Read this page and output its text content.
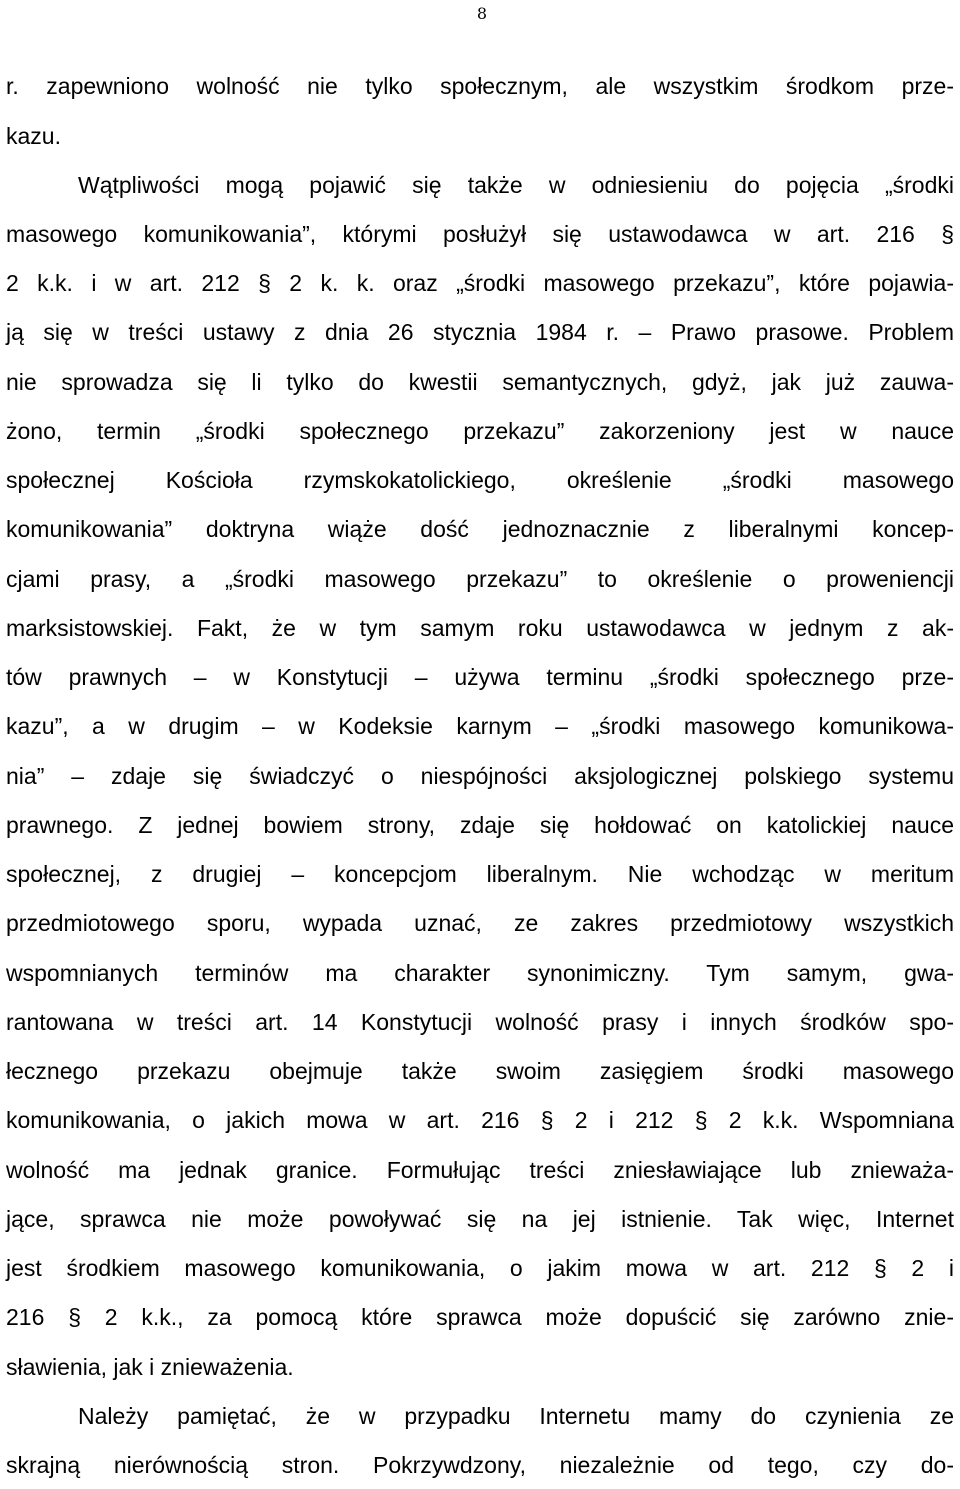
8
r. zapewniono wolność nie tylko społecznym, ale wszystkim środkom prze-
kazu.
Wątpliwości mogą pojawić się także w odniesieniu do pojęcia „środki
masowego komunikowania”, którymi posłużył się ustawodawca w art. 216 §
2 k.k. i w art. 212 § 2 k. k. oraz „środki masowego przekazu”, które pojawia-
ją się w treści ustawy z dnia 26 stycznia 1984 r. – Prawo prasowe. Problem
nie sprowadza się li tylko do kwestii semantycznych, gdyż, jak już zauwa-
żono, termin „środki społecznego przekazu” zakorzeniony jest w nauce
społecznej Kościoła rzymskokatolickiego, określenie „środki masowego
komunikowania” doktryna wiąże dość jednoznacznie z liberalnymi koncep-
cjami prasy, a „środki masowego przekazu” to określenie o proweniencji
marksistowskiej. Fakt, że w tym samym roku ustawodawca w jednym z ak-
tów prawnych – w Konstytucji – używa terminu „środki społecznego prze-
kazu”, a w drugim – w Kodeksie karnym – „środki masowego komunikowa-
nia” – zdaje się świadczyć o niespójności aksjologicznej polskiego systemu
prawnego. Z jednej bowiem strony, zdaje się hołdować on katolickiej nauce
społecznej, z drugiej – koncepcjom liberalnym. Nie wchodząc w meritum
przedmiotowego sporu, wypada uznać, ze zakres przedmiotowy wszystkich
wspomnianych terminów ma charakter synonimiczny. Tym samym, gwa-
rantowana w treści art. 14 Konstytucji wolność prasy i innych środków spo-
łecznego przekazu obejmuje także swoim zasięgiem środki masowego
komunikowania, o jakich mowa w art. 216 § 2 i 212 § 2 k.k. Wspomniana
wolność ma jednak granice. Formułując treści zniesławiające lub znieważa-
jące, sprawca nie może powoływać się na jej istnienie. Tak więc, Internet
jest środkiem masowego komunikowania, o jakim mowa w art. 212 § 2 i
216 § 2 k.k., za pomocą które sprawca może dopuścić się zarówno znie-
sławienia, jak i znieważenia.
Należy pamiętać, że w przypadku Internetu mamy do czynienia ze
skrajną nierównością stron. Pokrzywdzony, niezależnie od tego, czy do-
